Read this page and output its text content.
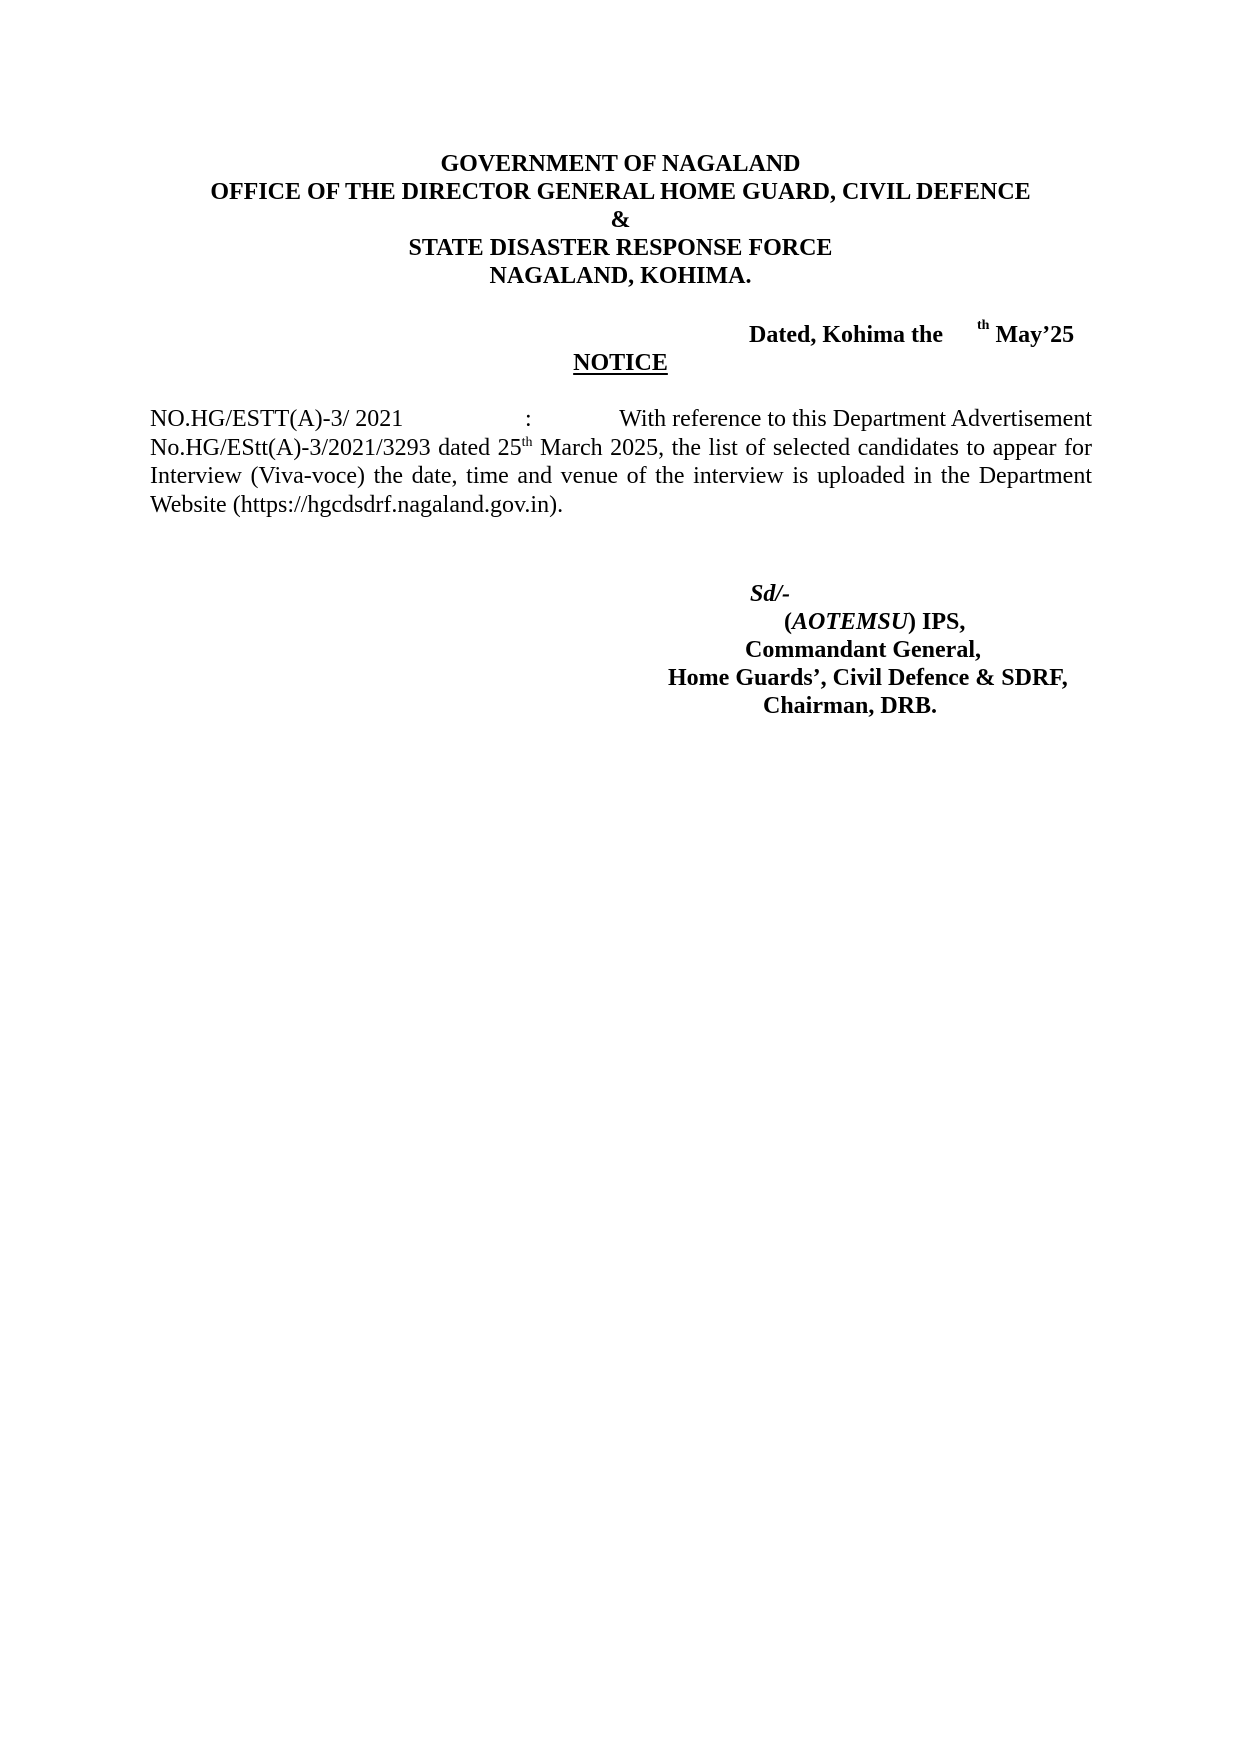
GOVERNMENT OF NAGALAND
OFFICE OF THE DIRECTOR GENERAL HOME GUARD, CIVIL DEFENCE
&
STATE DISASTER RESPONSE FORCE
NAGALAND, KOHIMA.
Dated, Kohima the $^{th}$ May’25
NOTICE
NO.HG/ESTT(A)-3/ 2021	:	With reference to this Department Advertisement
No.HG/EStt(A)-3/2021/3293 dated 25th March 2025, the list of selected candidates to appear for Interview (Viva-voce) the date, time and venue of the interview is uploaded in the Department Website (https://hgcdsdrf.nagaland.gov.in).
Sd/-
(AOTEMSU) IPS,
Commandant General,
Home Guards’, Civil Defence & SDRF,
Chairman, DRB.
